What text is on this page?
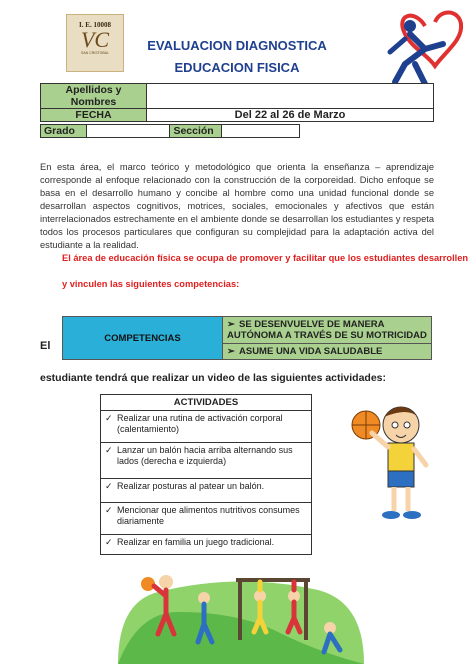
I. E. 10008
VC
SAN CRISTOBAL	EVALUACION DIAGNOSTICA
EDUCACION FISICA
Apellidos y Nombres	
FECHA	Del 22 al 26 de Marzo
Grado		Sección	
En esta área, el marco teórico y metodológico que orienta la enseñanza – aprendizaje corresponde al enfoque relacionado con la construcción de la corporeidad. Dicho enfoque se basa en el desarrollo humano y concibe al hombre como una unidad funcional donde se desarrollan aspectos cognitivos, motrices, sociales, emocionales y afectivos que están interrelacionados estrechamente en el ambiente donde se desarrollan los estudiantes y respeta todos los procesos particulares que configuran su complejidad para la adaptación activa del estudiante a la realidad.
El área de educación física se ocupa de promover y facilitar que los estudiantes desarrollen
y vinculen las siguientes competencias:
El
COMPETENCIAS	➢ SE DESENVUELVE DE MANERA AUTÓNOMA A TRAVÉS DE SU MOTRICIDAD
➢ ASUME UNA VIDA SALUDABLE
estudiante tendrá que realizar un video de las siguientes actividades:
ACTIVIDADES

✓ Realizar una rutina de activación corporal (calentamiento)

✓ Lanzar un balón hacia arriba alternando sus lados (derecha e izquierda)

✓ Realizar posturas al patear un balón.

✓ Mencionar que alimentos nutritivos consumes diariamente

✓ Realizar en familia un juego tradicional.
